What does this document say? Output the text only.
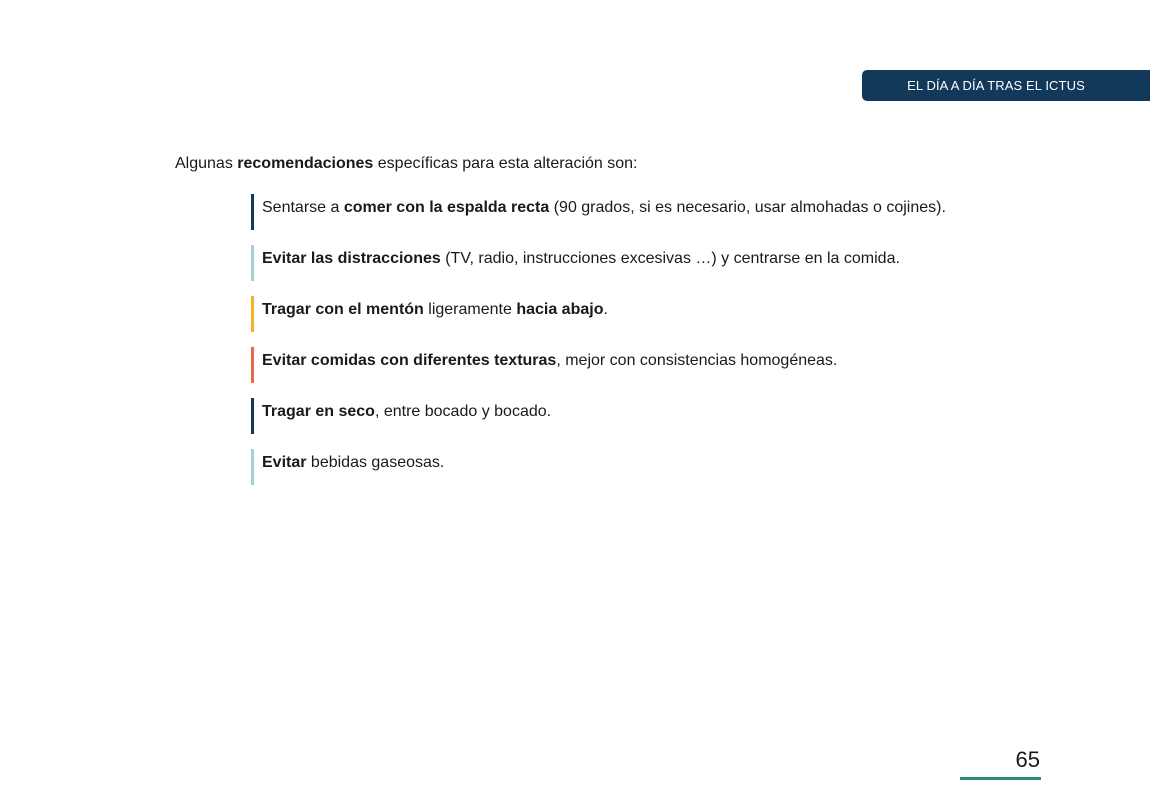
EL DÍA A DÍA TRAS EL ICTUS
Algunas recomendaciones específicas para esta alteración son:
Sentarse a comer con la espalda recta (90 grados, si es necesario, usar almohadas o cojines).
Evitar las distracciones (TV, radio, instrucciones excesivas …) y centrarse en la comida.
Tragar con el mentón ligeramente hacia abajo.
Evitar comidas con diferentes texturas, mejor con consistencias homogéneas.
Tragar en seco, entre bocado y bocado.
Evitar bebidas gaseosas.
65
